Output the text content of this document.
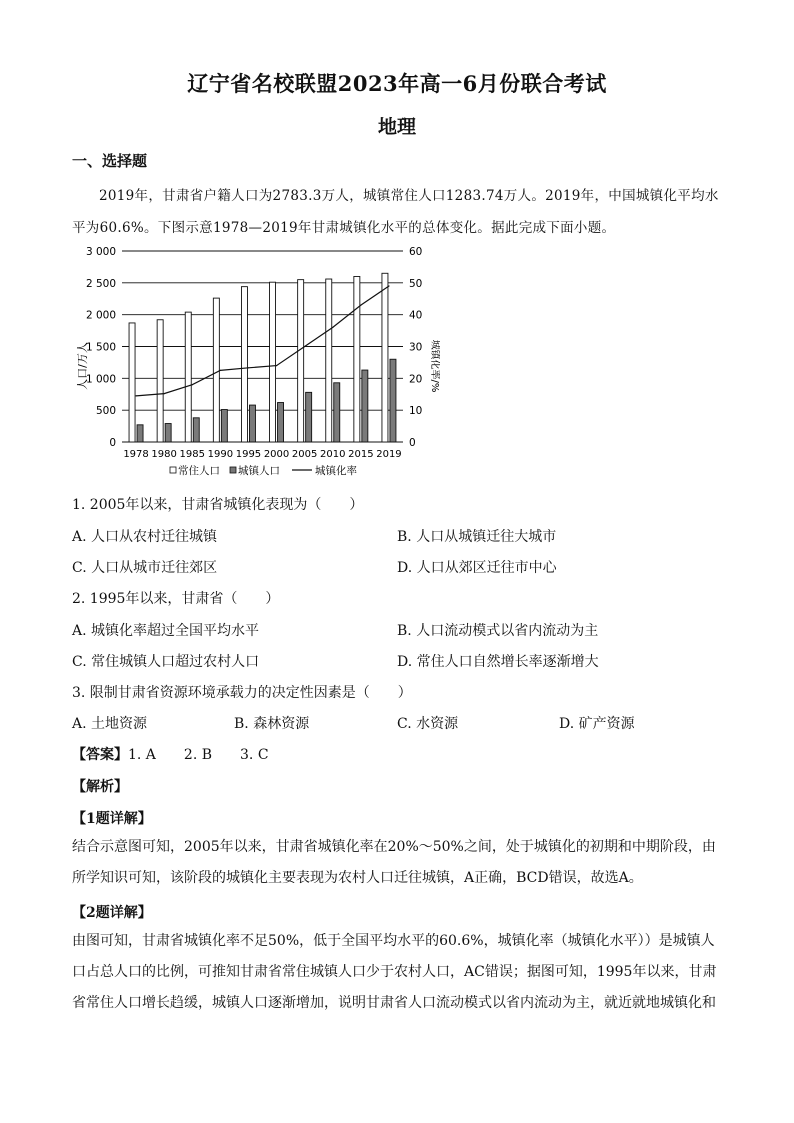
辽宁省名校联盟2023年高一6月份联合考试
地理
一、选择题
2019年，甘肃省户籍人口为2783.3万人，城镇常住人口1283.74万人。2019年，中国城镇化平均水平为60.6%。下图示意1978—2019年甘肃城镇化水平的总体变化。据此完成下面小题。
人口/万人	城镇化率/%
0
500
1 000
1 500
2 000
2 500
3 000
0
10
20
30
40
50
60
1978 1980 1985 1990 1995 2000 2005 2010 2015 2019
常住人口 城镇人口	城镇化率
1. 2005年以来，甘肃省城镇化表现为（　　）
A. 人口从农村迁往城镇	B. 人口从城镇迁往大城市
C. 人口从城市迁往郊区	D. 人口从郊区迁往市中心
2. 1995年以来，甘肃省（　　）
A. 城镇化率超过全国平均水平	B. 人口流动模式以省内流动为主
C. 常住城镇人口超过农村人口	D. 常住人口自然增长率逐渐增大
3. 限制甘肃省资源环境承载力的决定性因素是（　　）
A. 土地资源	B. 森林资源	C. 水资源	D. 矿产资源
【答案】1. A　　2. B　　3. C
【解析】
【1题详解】

结合示意图可知，2005年以来，甘肃省城镇化率在20%～50%之间，处于城镇化的初期和中期阶段，由所学知识可知，该阶段的城镇化主要表现为农村人口迁往城镇，A正确，BCD错误，故选A。

【2题详解】

由图可知，甘肃省城镇化率不足50%，低于全国平均水平的60.6%，城镇化率（城镇化水平））是城镇人口占总人口的比例，可推知甘肃省常住城镇人口少于农村人口，AC错误；据图可知，1995年以来，甘肃省常住人口增长趋缓，城镇人口逐渐增加，说明甘肃省人口流动模式以省内流动为主，就近就地城镇化和
